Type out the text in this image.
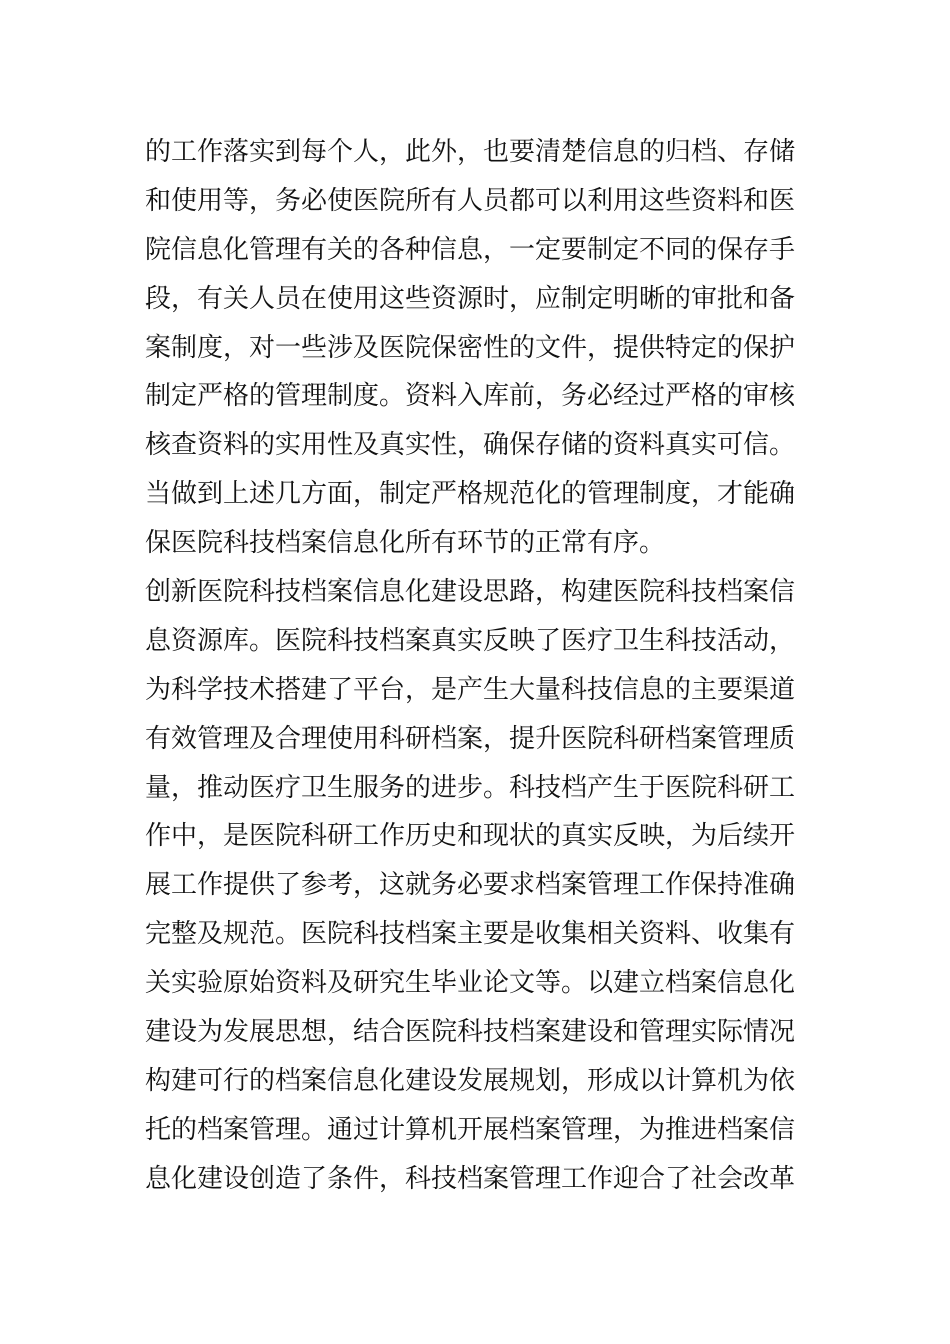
的工作落实到每个人，此外，也要清楚信息的归档、存储
和使用等，务必使医院所有人员都可以利用这些资料和医
院信息化管理有关的各种信息，一定要制定不同的保存手
段，有关人员在使用这些资源时，应制定明晰的审批和备
案制度，对一些涉及医院保密性的文件，提供特定的保护
制定严格的管理制度。资料入库前，务必经过严格的审核
核查资料的实用性及真实性，确保存储的资料真实可信。
当做到上述几方面，制定严格规范化的管理制度，才能确
保医院科技档案信息化所有环节的正常有序。
创新医院科技档案信息化建设思路，构建医院科技档案信
息资源库。医院科技档案真实反映了医疗卫生科技活动，
为科学技术搭建了平台，是产生大量科技信息的主要渠道
有效管理及合理使用科研档案，提升医院科研档案管理质
量，推动医疗卫生服务的进步。科技档产生于医院科研工
作中，是医院科研工作历史和现状的真实反映，为后续开
展工作提供了参考，这就务必要求档案管理工作保持准确
完整及规范。医院科技档案主要是收集相关资料、收集有
关实验原始资料及研究生毕业论文等。以建立档案信息化
建设为发展思想，结合医院科技档案建设和管理实际情况
构建可行的档案信息化建设发展规划，形成以计算机为依
托的档案管理。通过计算机开展档案管理，为推进档案信
息化建设创造了条件，科技档案管理工作迎合了社会改革
